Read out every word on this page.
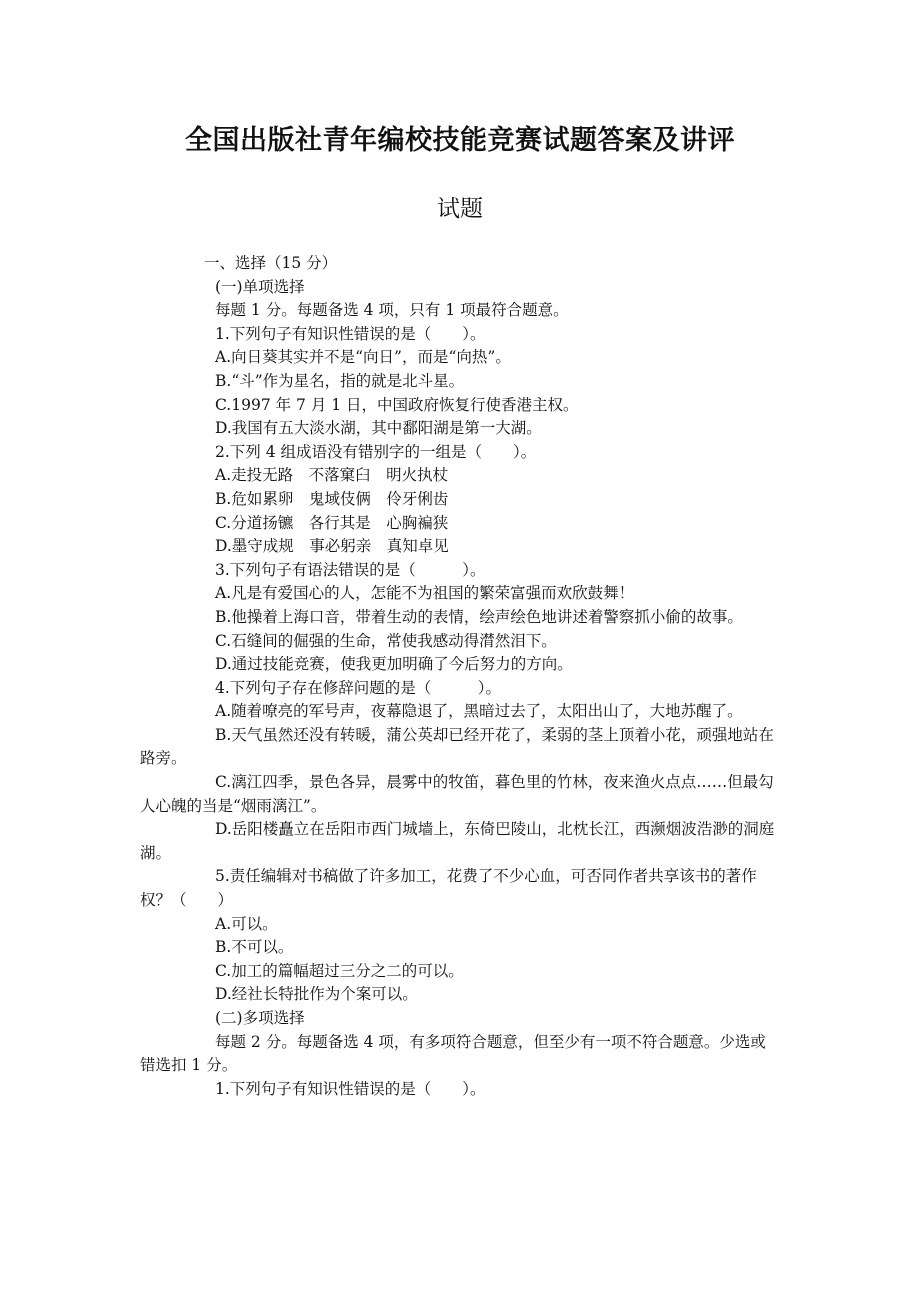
全国出版社青年编校技能竞赛试题答案及讲评
试题

一、选择（15 分）

(一)单项选择

每题 1 分。每题备选 4 项，只有 1 项最符合题意。

1.下列句子有知识性错误的是（　　）。

A.向日葵其实并不是“向日”，而是“向热”。

B.“斗”作为星名，指的就是北斗星。

C.1997 年 7 月 1 日，中国政府恢复行使香港主权。

D.我国有五大淡水湖，其中鄱阳湖是第一大湖。

2.下列 4 组成语没有错别字的一组是（　　）。

A.走投无路　不落窠臼　明火执杖

B.危如累卵　鬼域伎俩　伶牙俐齿

C.分道扬镳　各行其是　心胸褊狭

D.墨守成规　事必躬亲　真知卓见

3.下列句子有语法错误的是（　　　）。

A.凡是有爱国心的人，怎能不为祖国的繁荣富强而欢欣鼓舞！

B.他操着上海口音，带着生动的表情，绘声绘色地讲述着警察抓小偷的故事。

C.石缝间的倔强的生命，常使我感动得潸然泪下。

D.通过技能竞赛，使我更加明确了今后努力的方向。

4.下列句子存在修辞问题的是（　　　）。

A.随着嘹亮的军号声，夜幕隐退了，黑暗过去了，太阳出山了，大地苏醒了。

B.天气虽然还没有转暖，蒲公英却已经开花了，柔弱的茎上顶着小花，顽强地站在路旁。

C.漓江四季，景色各异，晨雾中的牧笛，暮色里的竹林，夜来渔火点点……但最勾人心魄的当是“烟雨漓江”。

D.岳阳楼矗立在岳阳市西门城墙上，东倚巴陵山，北枕长江，西濒烟波浩渺的洞庭湖。

5.责任编辑对书稿做了许多加工，花费了不少心血，可否同作者共享该书的著作权？（　　）

A.可以。

B.不可以。

C.加工的篇幅超过三分之二的可以。

D.经社长特批作为个案可以。

(二)多项选择

每题 2 分。每题备选 4 项，有多项符合题意，但至少有一项不符合题意。少选或错选扣 1 分。

1.下列句子有知识性错误的是（　　）。
